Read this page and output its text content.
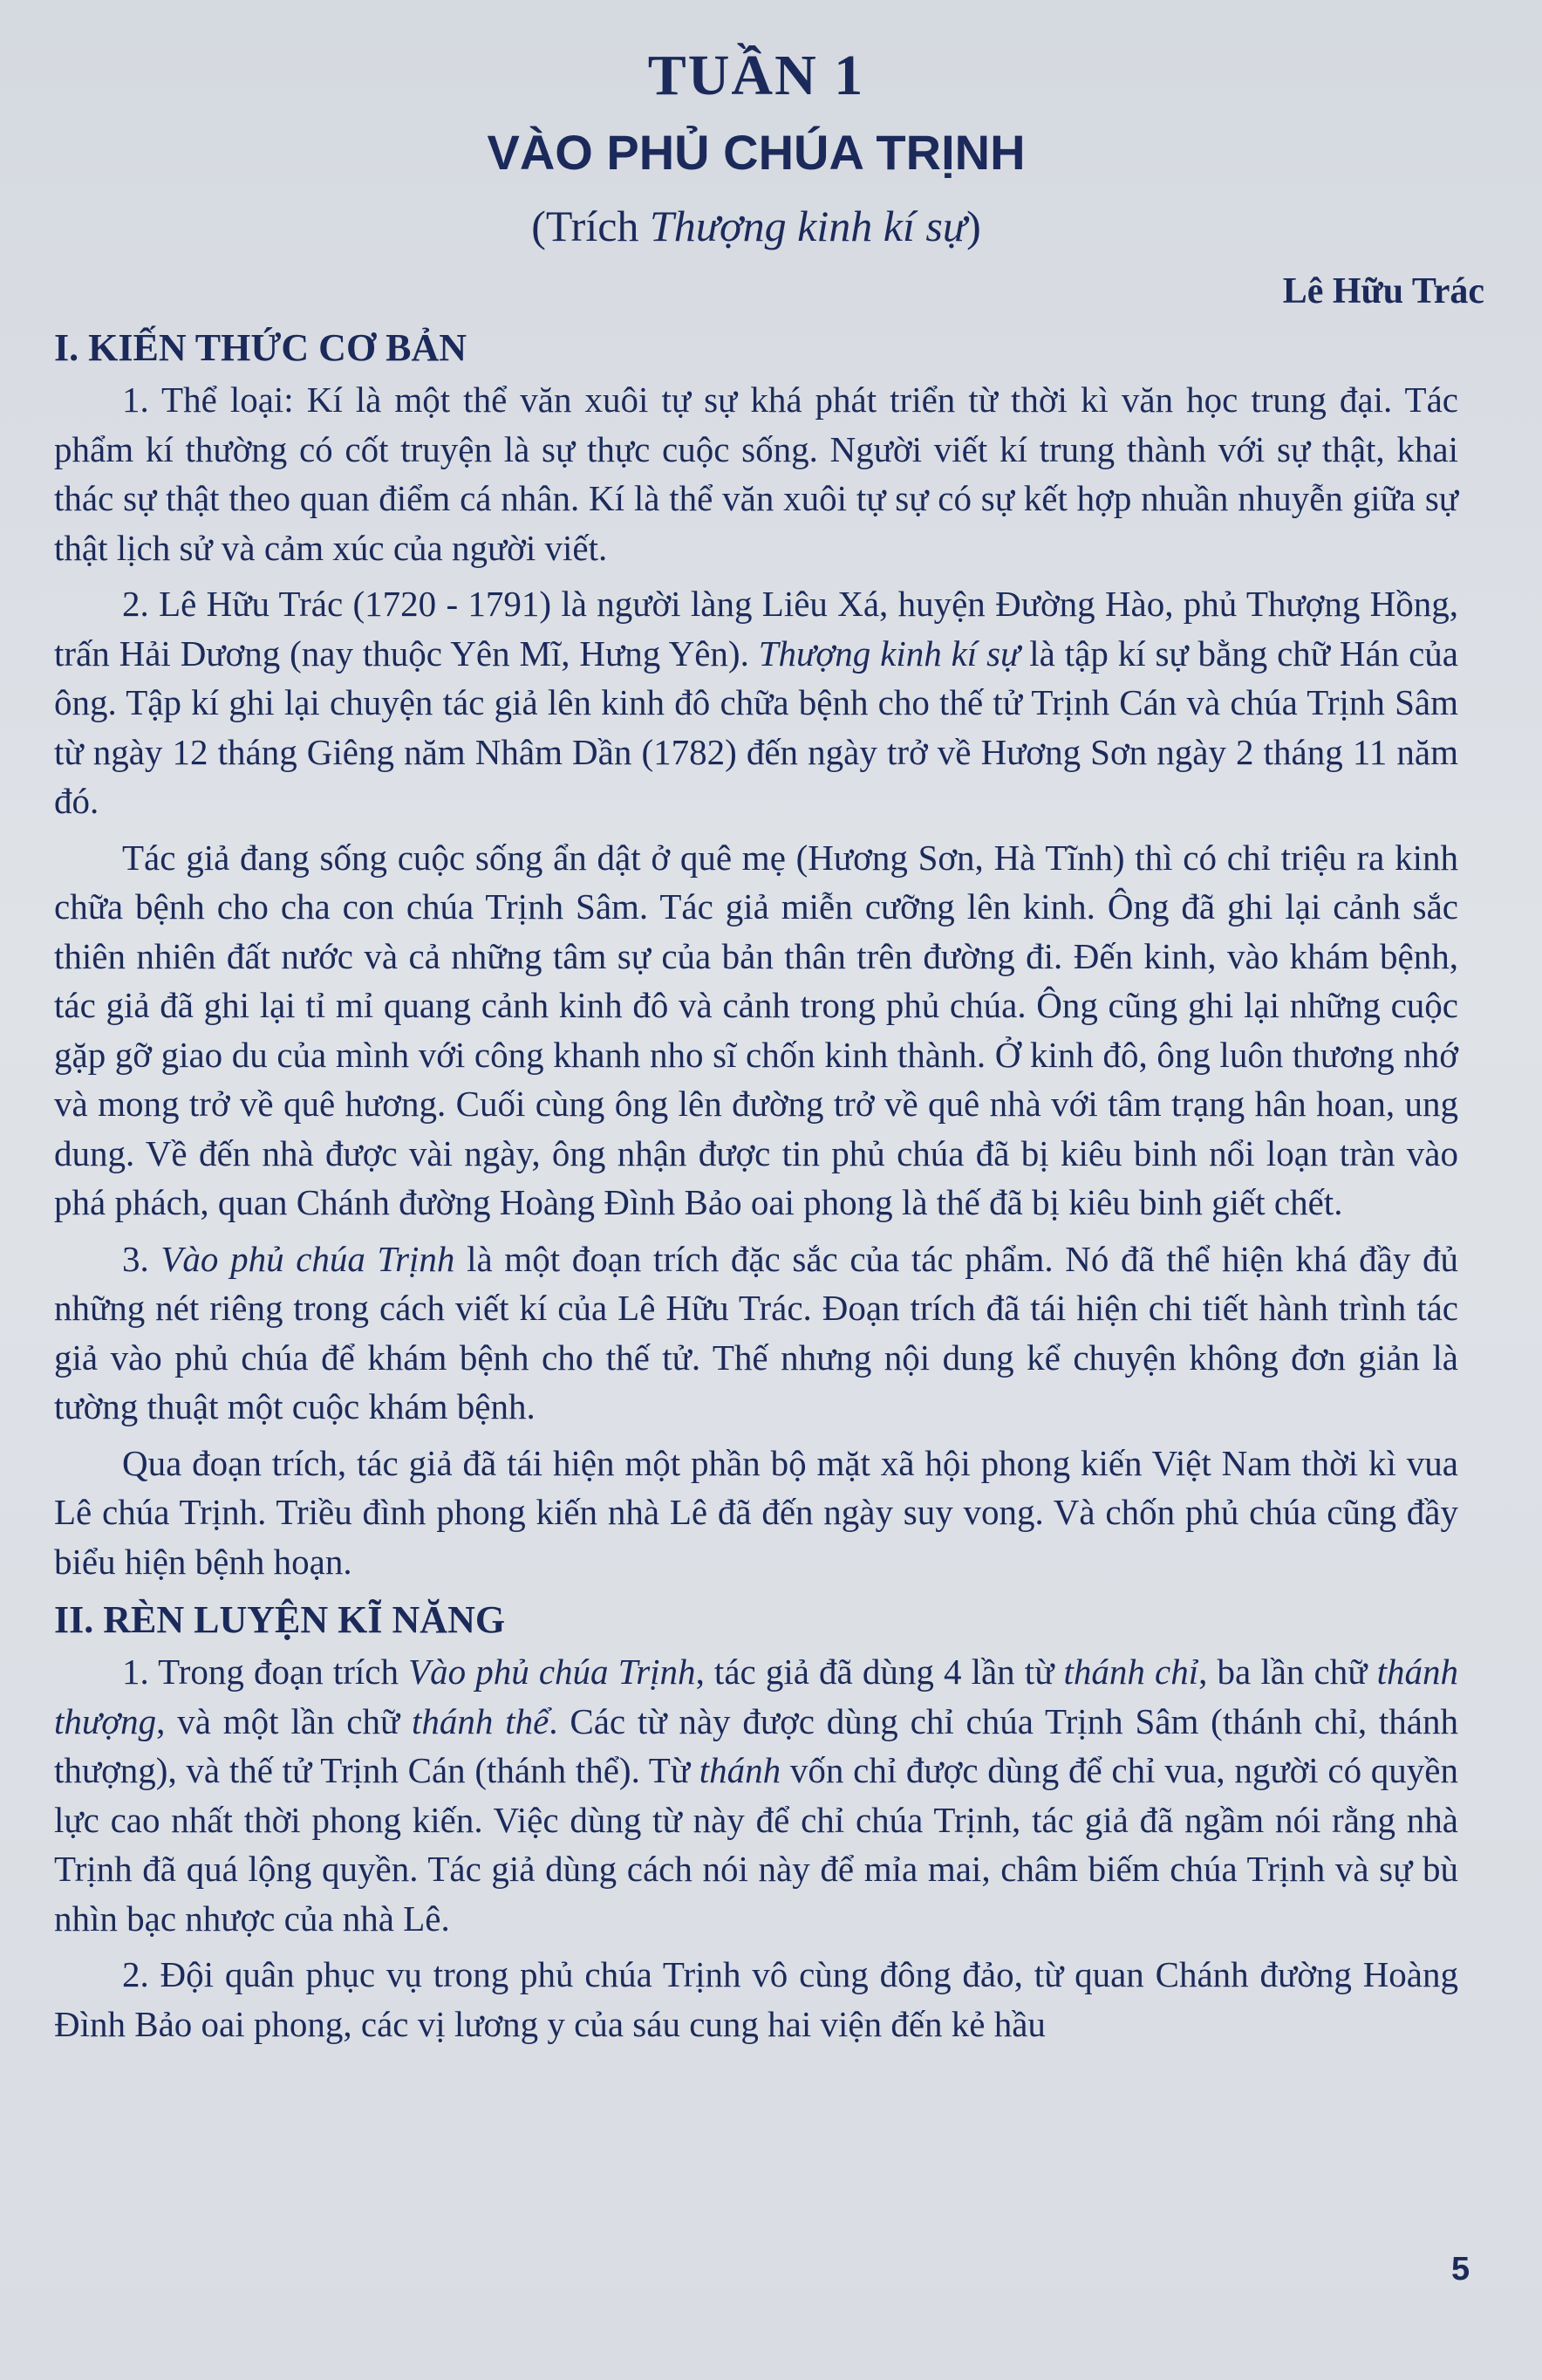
TUẦN 1
VÀO PHỦ CHÚA TRỊNH
(Trích Thượng kinh kí sự)
Lê Hữu Trác
I. KIẾN THỨC CƠ BẢN

1. Thể loại: Kí là một thể văn xuôi tự sự khá phát triển từ thời kì văn học trung đại. Tác phẩm kí thường có cốt truyện là sự thực cuộc sống. Người viết kí trung thành với sự thật, khai thác sự thật theo quan điểm cá nhân. Kí là thể văn xuôi tự sự có sự kết hợp nhuần nhuyễn giữa sự thật lịch sử và cảm xúc của người viết.

2. Lê Hữu Trác (1720 - 1791) là người làng Liêu Xá, huyện Đường Hào, phủ Thượng Hồng, trấn Hải Dương (nay thuộc Yên Mĩ, Hưng Yên). Thượng kinh kí sự là tập kí sự bằng chữ Hán của ông. Tập kí ghi lại chuyện tác giả lên kinh đô chữa bệnh cho thế tử Trịnh Cán và chúa Trịnh Sâm từ ngày 12 tháng Giêng năm Nhâm Dần (1782) đến ngày trở về Hương Sơn ngày 2 tháng 11 năm đó.

Tác giả đang sống cuộc sống ẩn dật ở quê mẹ (Hương Sơn, Hà Tĩnh) thì có chỉ triệu ra kinh chữa bệnh cho cha con chúa Trịnh Sâm. Tác giả miễn cưỡng lên kinh. Ông đã ghi lại cảnh sắc thiên nhiên đất nước và cả những tâm sự của bản thân trên đường đi. Đến kinh, vào khám bệnh, tác giả đã ghi lại tỉ mỉ quang cảnh kinh đô và cảnh trong phủ chúa. Ông cũng ghi lại những cuộc gặp gỡ giao du của mình với công khanh nho sĩ chốn kinh thành. Ở kinh đô, ông luôn thương nhớ và mong trở về quê hương. Cuối cùng ông lên đường trở về quê nhà với tâm trạng hân hoan, ung dung. Về đến nhà được vài ngày, ông nhận được tin phủ chúa đã bị kiêu binh nổi loạn tràn vào phá phách, quan Chánh đường Hoàng Đình Bảo oai phong là thế đã bị kiêu binh giết chết.

3. Vào phủ chúa Trịnh là một đoạn trích đặc sắc của tác phẩm. Nó đã thể hiện khá đầy đủ những nét riêng trong cách viết kí của Lê Hữu Trác. Đoạn trích đã tái hiện chi tiết hành trình tác giả vào phủ chúa để khám bệnh cho thế tử. Thế nhưng nội dung kể chuyện không đơn giản là tường thuật một cuộc khám bệnh.

Qua đoạn trích, tác giả đã tái hiện một phần bộ mặt xã hội phong kiến Việt Nam thời kì vua Lê chúa Trịnh. Triều đình phong kiến nhà Lê đã đến ngày suy vong. Và chốn phủ chúa cũng đầy biểu hiện bệnh hoạn.

II. RÈN LUYỆN KĨ NĂNG

1. Trong đoạn trích Vào phủ chúa Trịnh, tác giả đã dùng 4 lần từ thánh chỉ, ba lần chữ thánh thượng, và một lần chữ thánh thể. Các từ này được dùng chỉ chúa Trịnh Sâm (thánh chỉ, thánh thượng), và thế tử Trịnh Cán (thánh thể). Từ thánh vốn chỉ được dùng để chỉ vua, người có quyền lực cao nhất thời phong kiến. Việc dùng từ này để chỉ chúa Trịnh, tác giả đã ngầm nói rằng nhà Trịnh đã quá lộng quyền. Tác giả dùng cách nói này để mỉa mai, châm biếm chúa Trịnh và sự bù nhìn bạc nhược của nhà Lê.

2. Đội quân phục vụ trong phủ chúa Trịnh vô cùng đông đảo, từ quan Chánh đường Hoàng Đình Bảo oai phong, các vị lương y của sáu cung hai viện đến kẻ hầu

5
